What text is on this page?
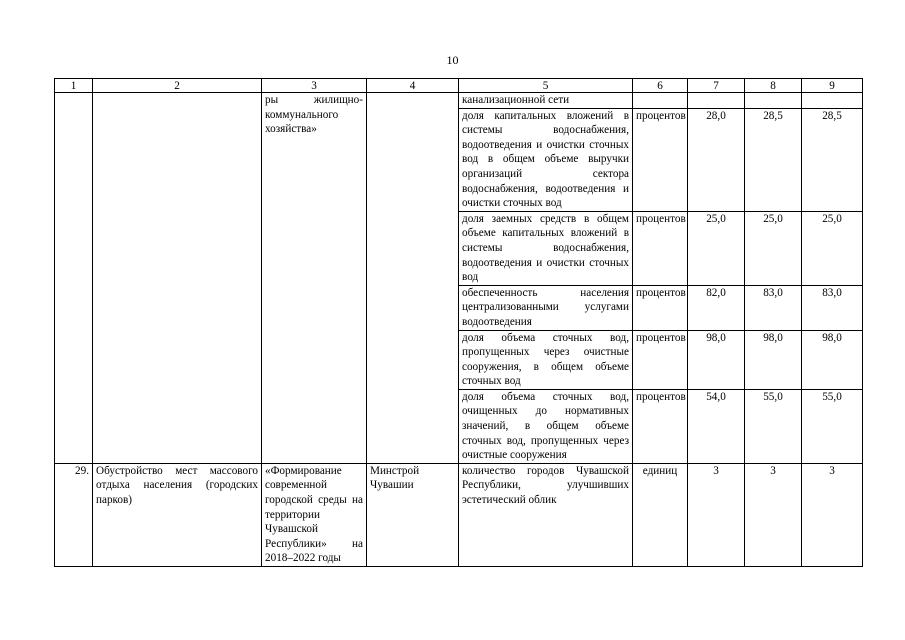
10
1	2	3	4	5	6	7	8	9
		ры жилищно-коммунального хозяйства»		канализационной сети				
				доля капитальных вложений в системы водоснабжения, водоотведения и очистки сточных вод в общем объеме выручки организаций сектора водоснабжения, водоотведения и очистки сточных вод	процентов	28,0	28,5	28,5
				доля заемных средств в общем объеме капитальных вложений в системы водоснабжения, водоотведения и очистки сточных вод	процентов	25,0	25,0	25,0
				обеспеченность населения централизованными услугами водоотведения	процентов	82,0	83,0	83,0
				доля объема сточных вод, пропущенных через очистные сооружения, в общем объеме сточных вод	процентов	98,0	98,0	98,0
				доля объема сточных вод, очищенных до нормативных значений, в общем объеме сточных вод, пропущенных через очистные сооружения	процентов	54,0	55,0	55,0
29.	Обустройство мест массового отдыха населения (городских парков)	«Формирование современной городской среды на территории Чувашской Республики» на 2018–2022 годы	Минстрой Чувашии	количество городов Чувашской Республики, улучшивших эстетический облик	единиц	3	3	3
